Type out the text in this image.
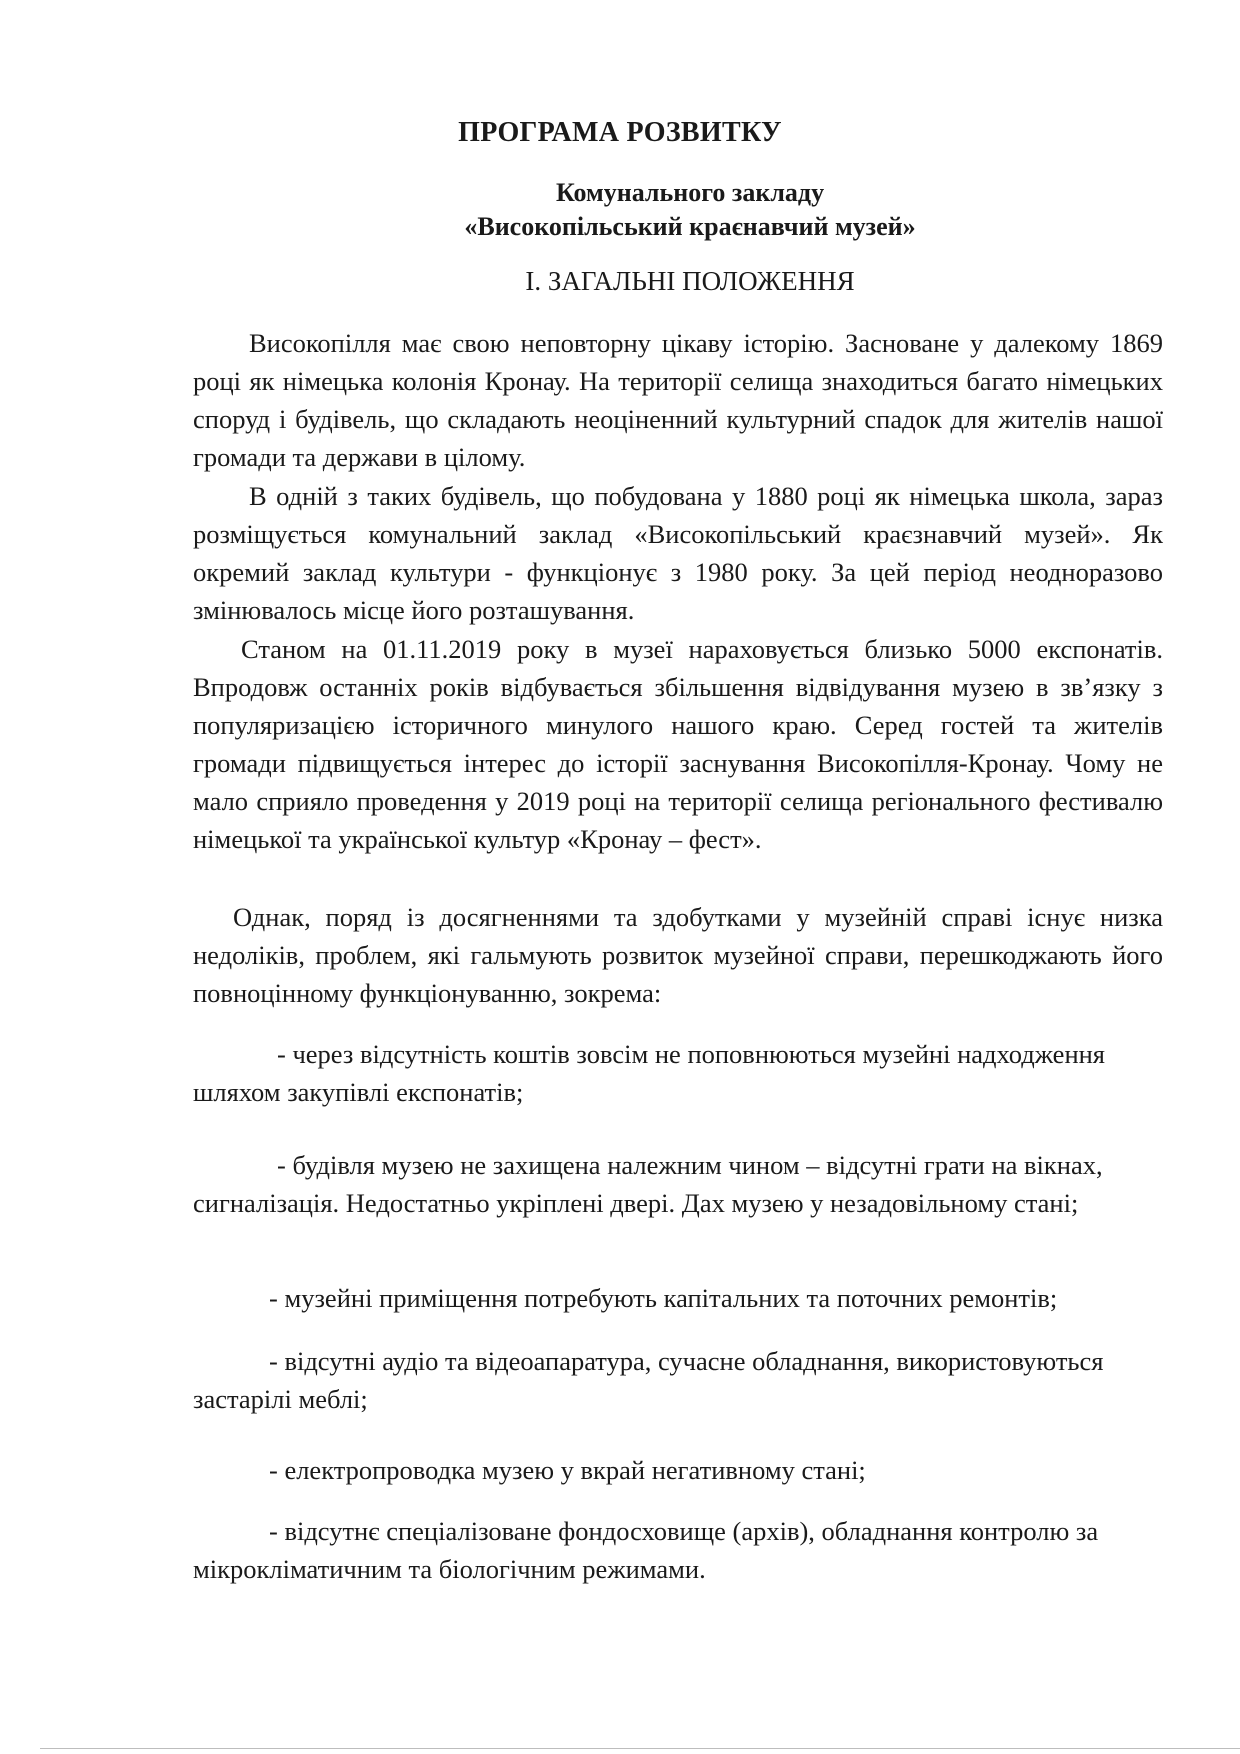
ПРОГРАМА РОЗВИТКУ
Комунального закладу
«Високопільський краєнавчий музей»
І. ЗАГАЛЬНІ ПОЛОЖЕННЯ
Високопілля має свою неповторну цікаву історію. Засноване у далекому 1869 році як німецька колонія Кронау. На території селища знаходиться багато німецьких споруд і будівель, що складають неоціненний культурний спадок для жителів нашої громади та держави в цілому.
В одній з таких будівель, що побудована у 1880 році як німецька школа, зараз розміщується комунальний заклад «Високопільський краєзнавчий музей». Як окремий заклад культури - функціонує з 1980 року. За цей період неодноразово змінювалось місце його розташування.
Станом на 01.11.2019 року в музеї нараховується близько 5000 експонатів. Впродовж останніх років відбувається збільшення відвідування музею в зв’язку з популяризацією історичного минулого нашого краю. Серед гостей та жителів громади підвищується інтерес до історії заснування Високопілля-Кронау. Чому не мало сприяло проведення у 2019 році на території селища регіонального фестивалю німецької та української культур «Кронау – фест».
Однак, поряд із досягненнями та здобутками у музейній справі існує низка недоліків, проблем, які гальмують розвиток музейної справи, перешкоджають його повноцінному функціонуванню, зокрема:
- через відсутність коштів зовсім не поповнюються музейні надходження шляхом закупівлі експонатів;
- будівля музею не захищена належним чином – відсутні грати на вікнах, сигналізація. Недостатньо укріплені двері. Дах музею у незадовільному стані;
- музейні приміщення потребують капітальних та поточних ремонтів;
- відсутні аудіо та відеоапаратура, сучасне обладнання, використовуються застарілі меблі;
- електропроводка музею у вкрай негативному стані;
- відсутнє спеціалізоване фондосховище (архів), обладнання контролю за мікрокліматичним та біологічним режимами.
